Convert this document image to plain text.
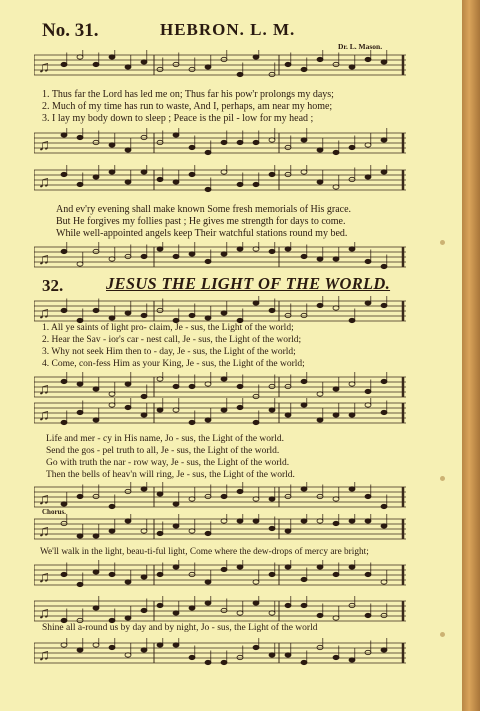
No. 31.	HEBRON. L. M.
Dr. L. Mason.
♫
1. Thus far the Lord has led me on; Thus far his pow'r prolongs my days;
2. Much of my time has run to waste, And I, perhaps, am near my home;
3. I lay my body down to sleep ; Peace is the pil - low for my head ;
♫
♫
And ev'ry evening shall make known Some fresh memorials of His grace.
But He forgives my follies past ; He gives me strength for days to come.
While well-appointed angels keep Their watchful stations round my bed.
♫
32.	JESUS THE LIGHT OF THE WORLD.
♫
1. All ye saints of light pro- claim, Je - sus, the Light of the world;
2. Hear the Sav - ior's car - nest call, Je - sus, the Light of the world;
3. Why not seek Him then to - day, Je - sus, the Light of the world;
4. Come, con-fess Him as your King, Je - sus, the Light of the world;
♫
♫
Life and mer - cy in His name, Jo - sus, the Light of the world.
Send the gos - pel truth to all, Je - sus, the Light of the world.
Go with truth the nar - row way, Je - sus, the Light of the world.
Then the bells of heav'n will ring, Je - sus, the Light of the world.
♫
Chorus.
♫
We'll walk in the light, beau-ti-ful light, Come where the dew-drops of mercy are bright;
♫
♫
Shine all a-round us by day and by night, Jo - sus, the Light of the world
♫
